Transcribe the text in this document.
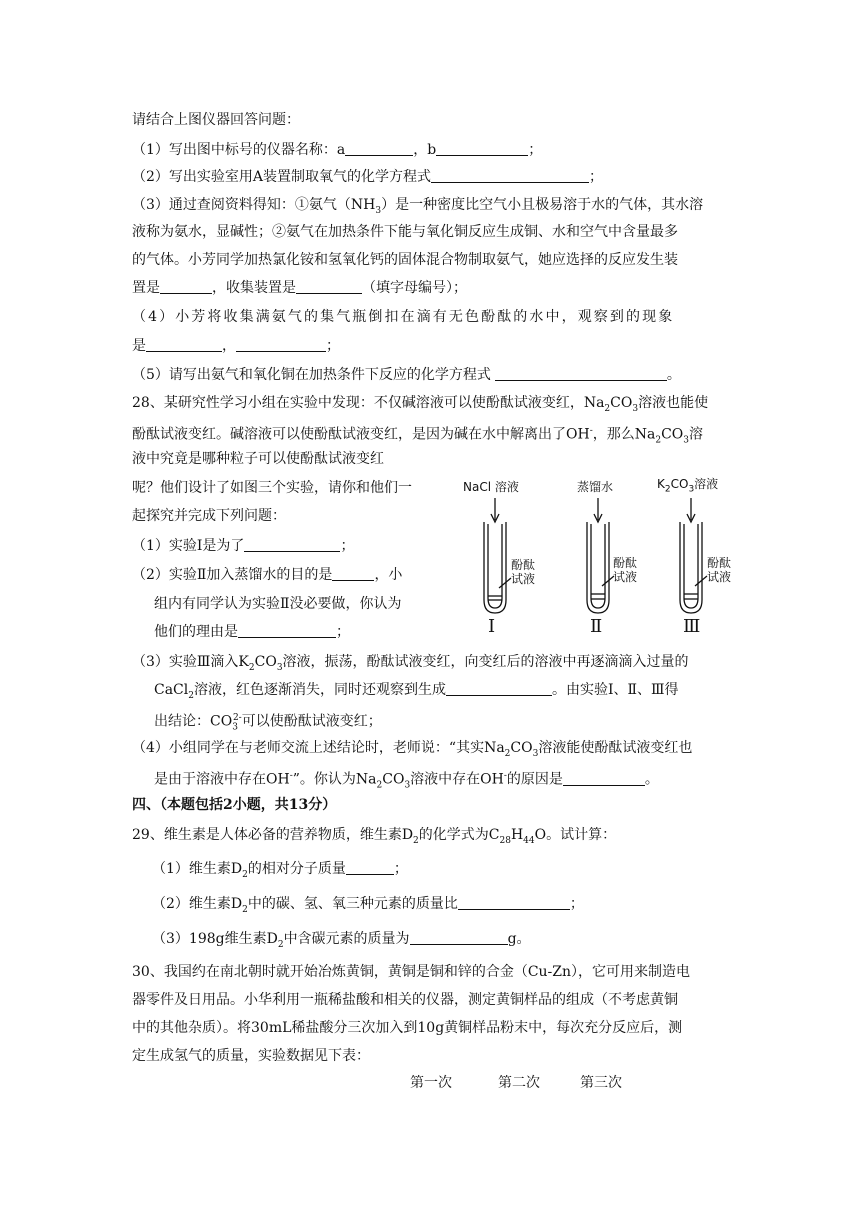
请结合上图仪器回答问题：
（1）写出图中标号的仪器名称：a	，b	；
（2）写出实验室用A装置制取氧气的化学方程式	；
（3）通过查阅资料得知：①氨气$(NH_3)$是一种密度比空气小且极易溶于水的气体，其水溶
液称为氨水，显碱性；②氨气在加热条件下能与氧化铜反应生成铜、水和空气中含量最多
的气体。小芳同学加热氯化铵和氢氧化钙的固体混合物制取氨气，她应选择的反应发生装
置是	，收集装置是	（填字母编号）；
（4）小芳将收集满氨气的集气瓶倒扣在滴有无色酚酞的水中，观察到的现象
是	，	；
（5）请写出氨气和氧化铜在加热条件下反应的化学方程式	。
28、某研究性学习小组在实验中发现：不仅碱溶液可以使酚酞试液变红，$Na_2CO_3$溶液也能使
酚酞试液变红。碱溶液可以使酚酞试液变红，是因为碱在水中解离出了OH-，那么$Na_2CO_3$溶
液中究竟是哪种粒子可以使酚酞试液变红
呢？他们设计了如图三个实验，请你和他们一
起探究并完成下列问题：
（1）实验Ⅰ是为了	；
（2）实验Ⅱ加入蒸馏水的目的是	，小
组内有同学认为实验Ⅱ没必要做，你认为
他们的理由是	；
（3）实验Ⅲ滴入$K_2CO_3$溶液，振荡，酚酞试液变红，向变红后的溶液中再逐滴滴入过量的
CaCl$_2$溶液，红色逐渐消失，同时还观察到生成	。由实验Ⅰ、Ⅱ、Ⅲ得
出结论：$CO_3^{2-}$可以使酚酞试液变红；
（4）小组同学在与老师交流上述结论时，老师说：“其实$Na_2CO_3$溶液能使酚酞试液变红也
是由于溶液中存在OH-”。你认为$Na_2CO_3$溶液中存在OH-的原因是	。
NaCl 溶液	蒸馏水	$K_2CO_3$溶液
酚酞试液
酚酞试液
酚酞试液
Ⅰ	Ⅱ	Ⅲ
四、（本题包括2小题，共13分）
29、维生素是人体必备的营养物质，维生素$D_2$的化学式为$C_{28}H_{44}O$。试计算：
（1）维生素$D_2$的相对分子质量	；
（2）维生素$D_2$中的碳、氢、氧三种元素的质量比	；
（3）198g维生素$D_2$中含碳元素的质量为	g。
30、我国约在南北朝时就开始冶炼黄铜，黄铜是铜和锌的合金（Cu-Zn），它可用来制造电
器零件及日用品。小华利用一瓶稀盐酸和相关的仪器，测定黄铜样品的组成（不考虑黄铜
中的其他杂质）。将30mL稀盐酸分三次加入到10g黄铜样品粉末中，每次充分反应后，测
定生成氢气的质量，实验数据见下表：
第一次	第二次	第三次
